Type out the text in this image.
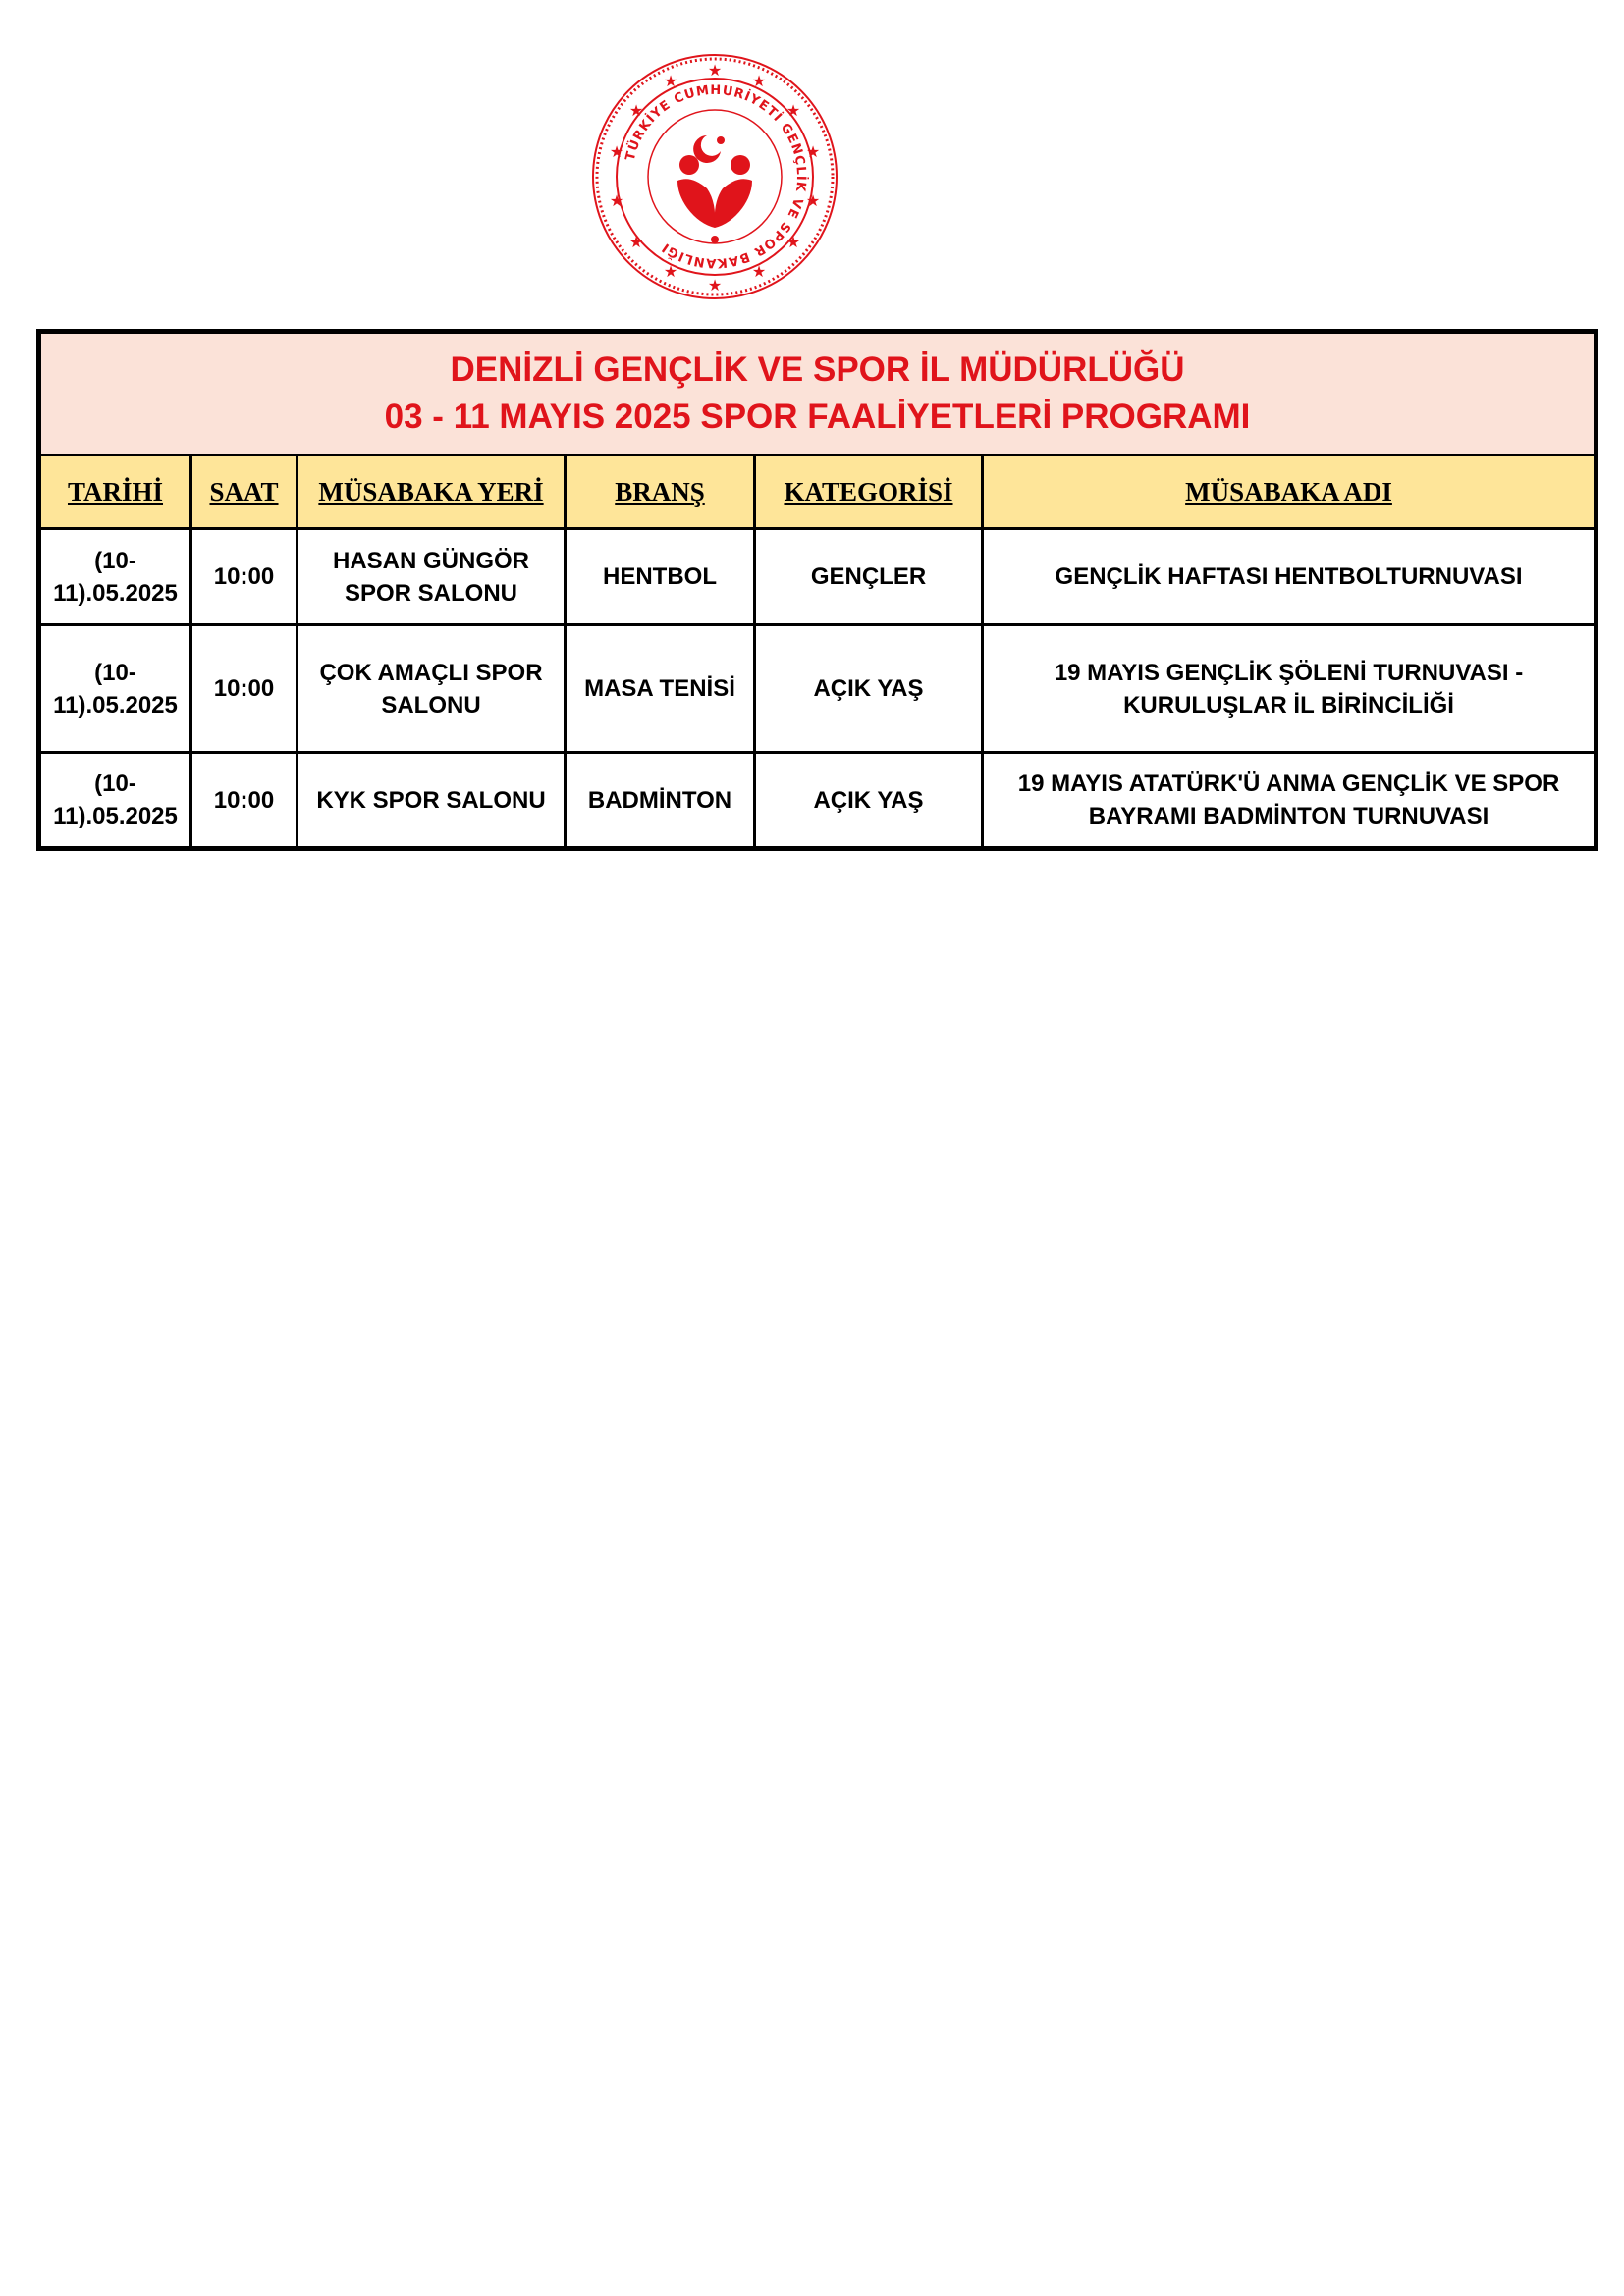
★
★	★
★	★
★	★
★	★
★	★
★	★
★
TÜRKİYE CUMHURİYETİ GENÇLİK VE SPOR BAKANLIĞI
DENİZLİ GENÇLİK VE SPOR İL MÜDÜRLÜĞÜ
03 - 11 MAYIS 2025 SPOR FAALİYETLERİ PROGRAMI					

TARİHİ	SAAT	MÜSABAKA YERİ	BRANŞ	KATEGORİSİ	MÜSABAKA ADI
(10-11).05.2025	10:00	HASAN GÜNGÖR SPOR SALONU	HENTBOL	GENÇLER	GENÇLİK HAFTASI HENTBOLTURNUVASI
(10-11).05.2025	10:00	ÇOK AMAÇLI SPOR SALONU	MASA TENİSİ	AÇIK YAŞ	19 MAYIS GENÇLİK ŞÖLENİ TURNUVASI - KURULUŞLAR İL BİRİNCİLİĞİ
(10-11).05.2025	10:00	KYK SPOR SALONU	BADMİNTON	AÇIK YAŞ	19 MAYIS ATATÜRK'Ü ANMA GENÇLİK VE SPOR BAYRAMI BADMİNTON TURNUVASI
